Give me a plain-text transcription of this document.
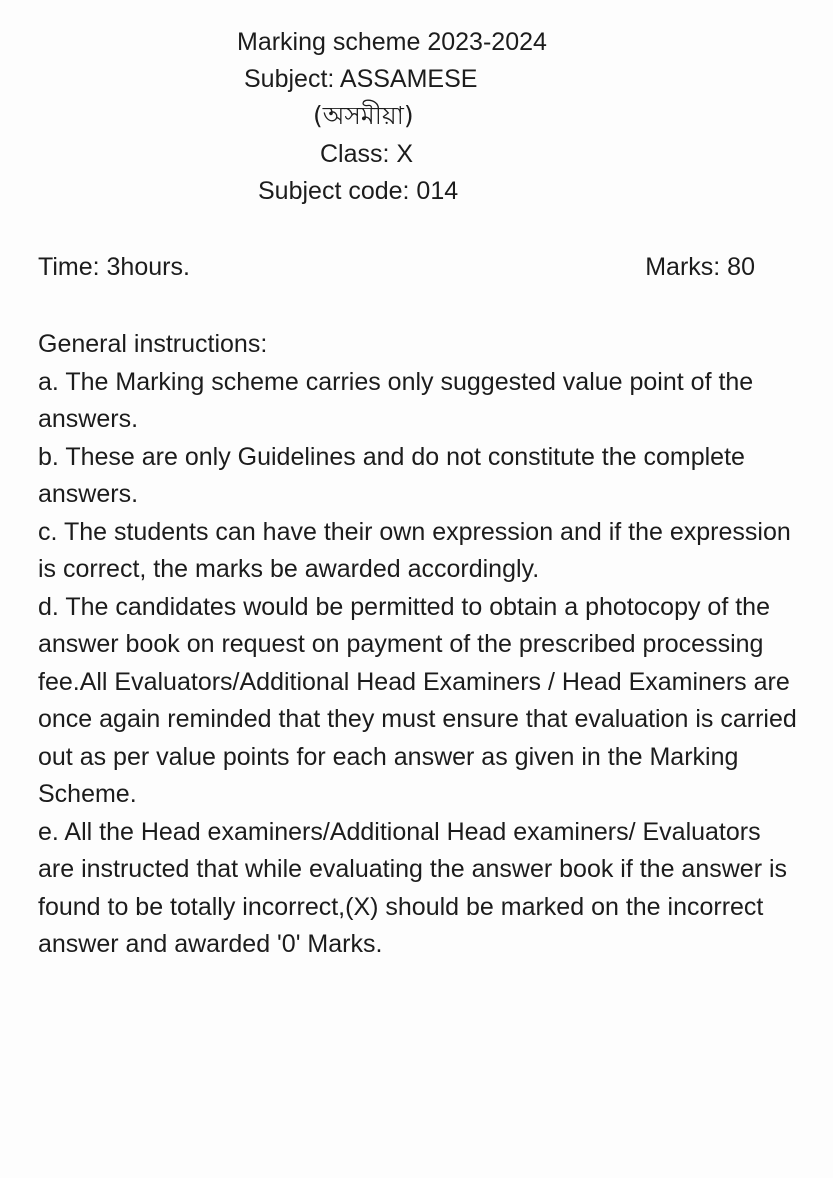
Marking scheme 2023-2024
Subject: ASSAMESE
(অসমীয়া)
Class: X
Subject code: 014
Time: 3hours.	Marks: 80

General instructions:

a. The Marking scheme carries only suggested value point of the answers.

b. These are only Guidelines and do not constitute the complete answers.

c. The students can have their own expression and if the expression is correct, the marks be awarded accordingly.

d. The candidates would be permitted to obtain a photocopy of the answer book on request on payment of the prescribed processing fee.All Evaluators/Additional Head Examiners / Head Examiners are once again reminded that they must ensure that evaluation is carried out as per value points for each answer as given in the Marking Scheme.

e. All the Head examiners/Additional Head examiners/ Evaluators are instructed that while evaluating the answer book if the answer is found to be totally incorrect,(X) should be marked on the incorrect answer and awarded '0' Marks.
